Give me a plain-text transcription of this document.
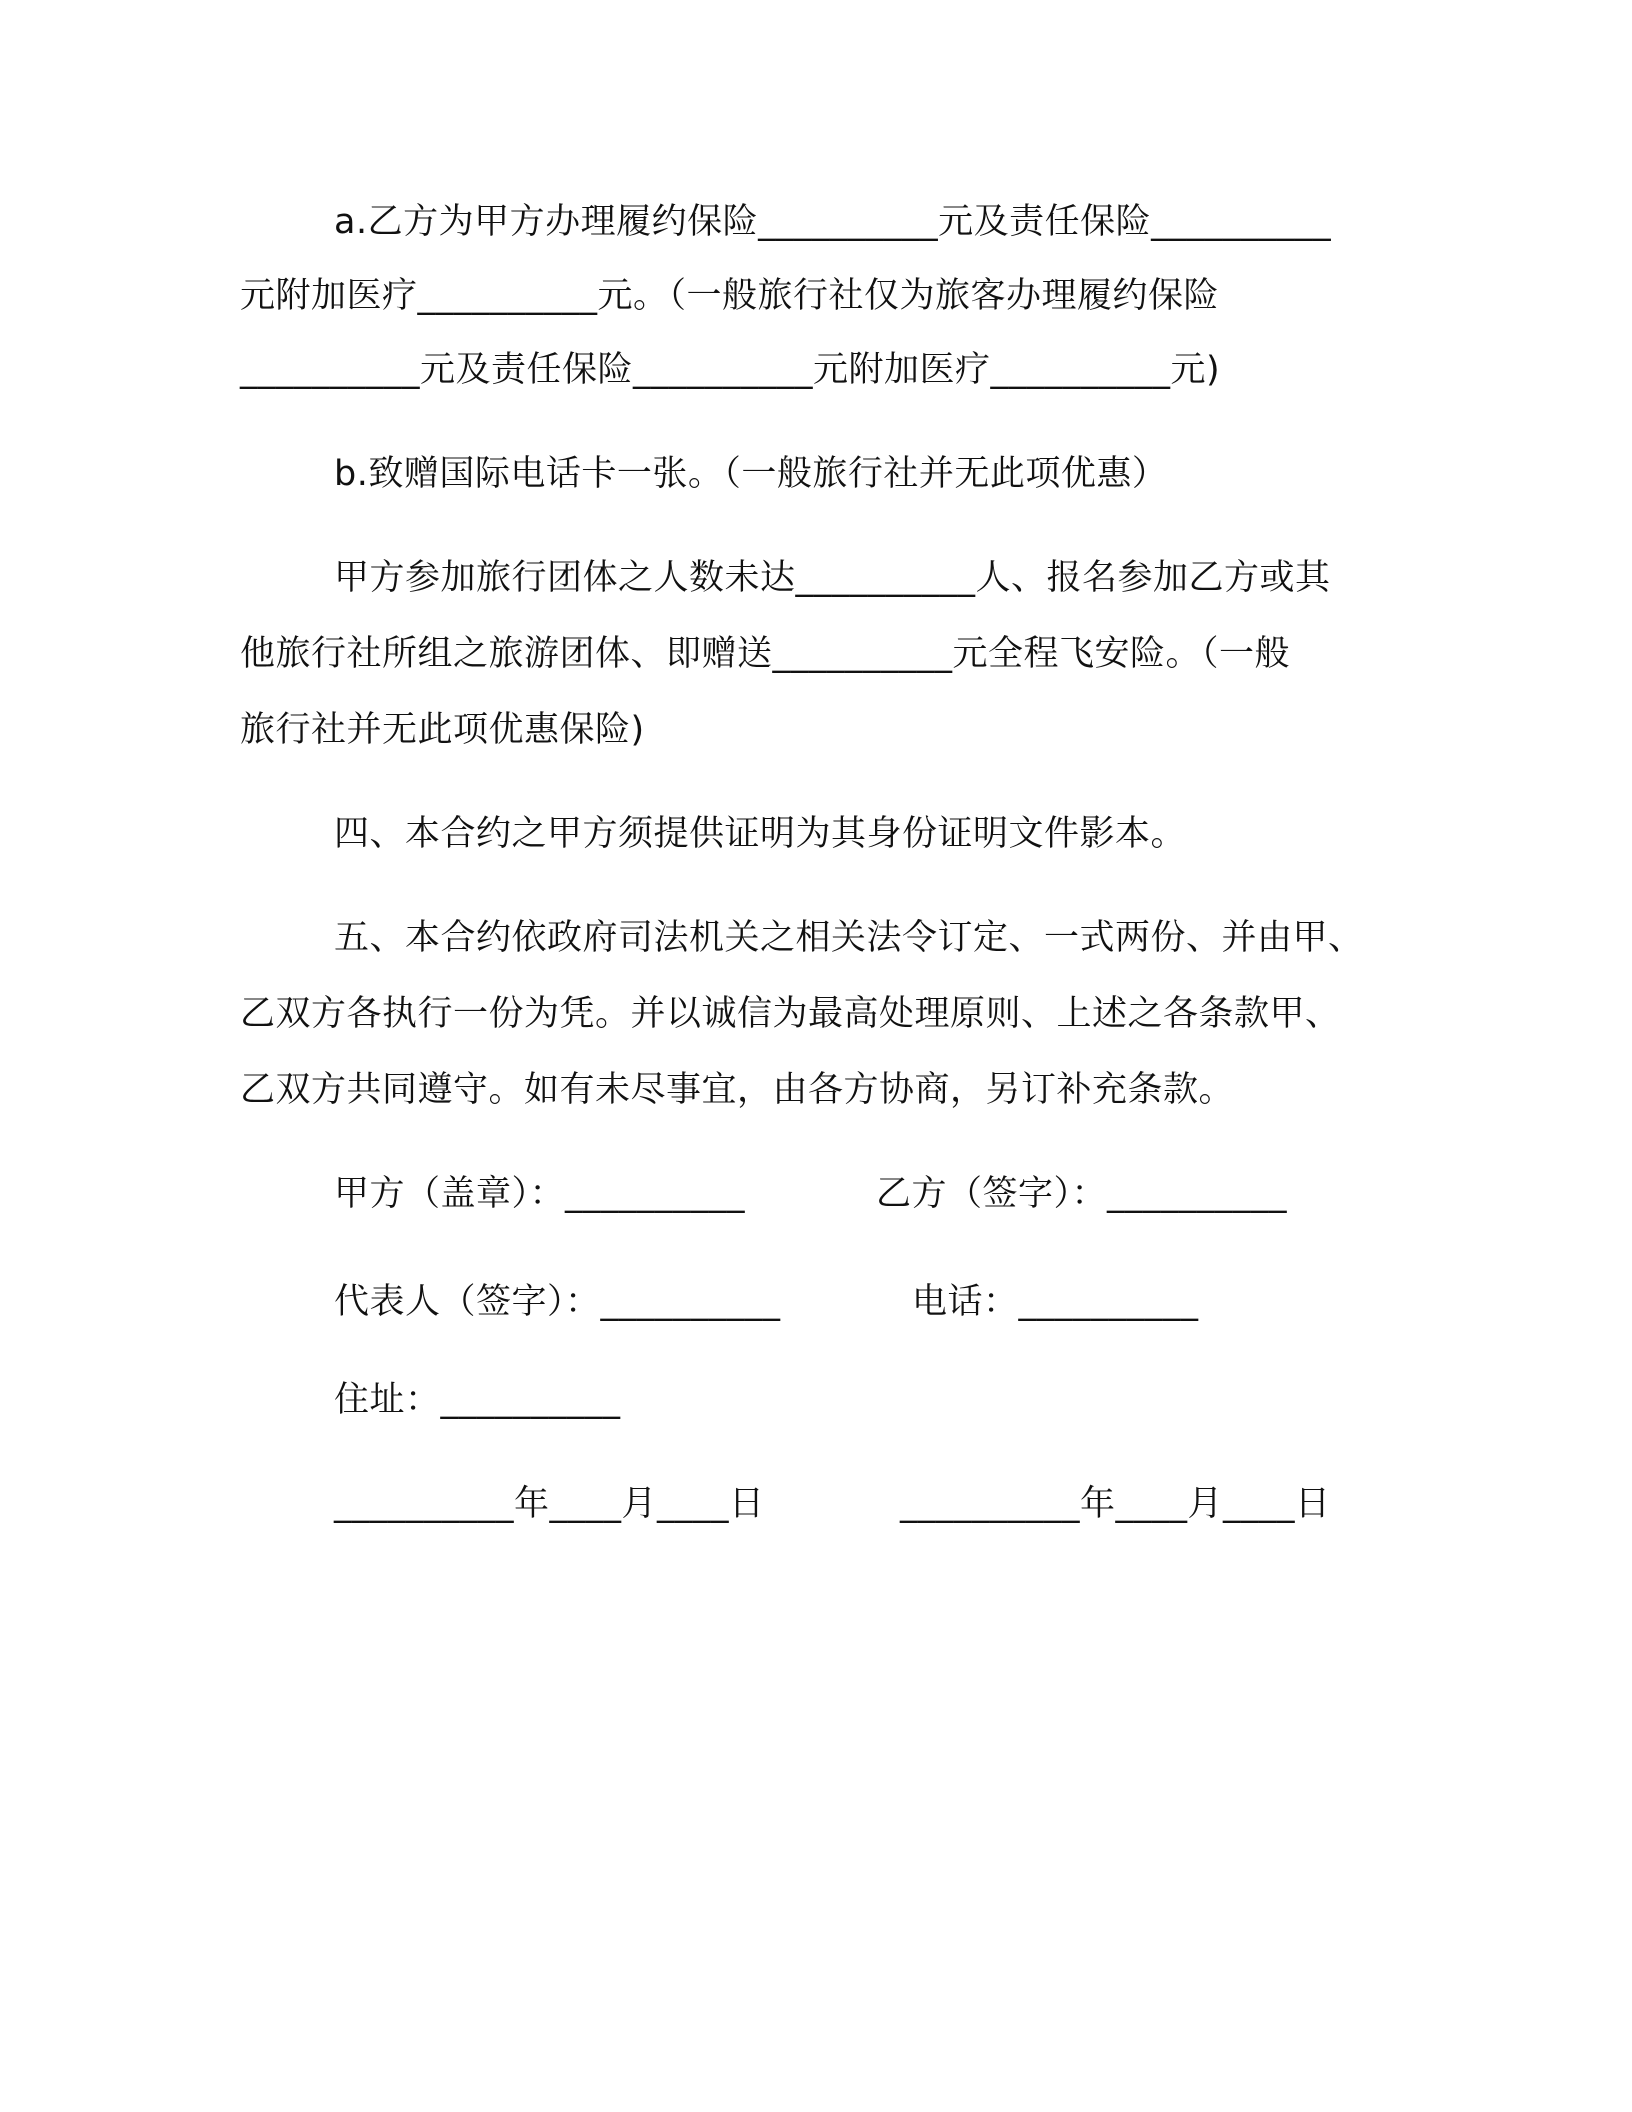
a.乙方为甲方办理履约保险__________元及责任保险__________
元附加医疗__________元。（一般旅行社仅为旅客办理履约保险
__________元及责任保险__________元附加医疗__________元)
b.致赠国际电话卡一张。（一般旅行社并无此项优惠）
甲方参加旅行团体之人数未达__________人、报名参加乙方或其
他旅行社所组之旅游团体、即赠送__________元全程飞安险。（一般
旅行社并无此项优惠保险)
四、本合约之甲方须提供证明为其身份证明文件影本。
五、本合约依政府司法机关之相关法令订定、一式两份、并由甲、
乙双方各执行一份为凭。并以诚信为最高处理原则、上述之各条款甲、
乙双方共同遵守。如有未尽事宜，由各方协商，另订补充条款。
甲方（盖章）：__________	乙方（签字）：__________
代表人（签字）：__________	电话：__________
住址：__________
__________年____月____日	__________年____月____日
